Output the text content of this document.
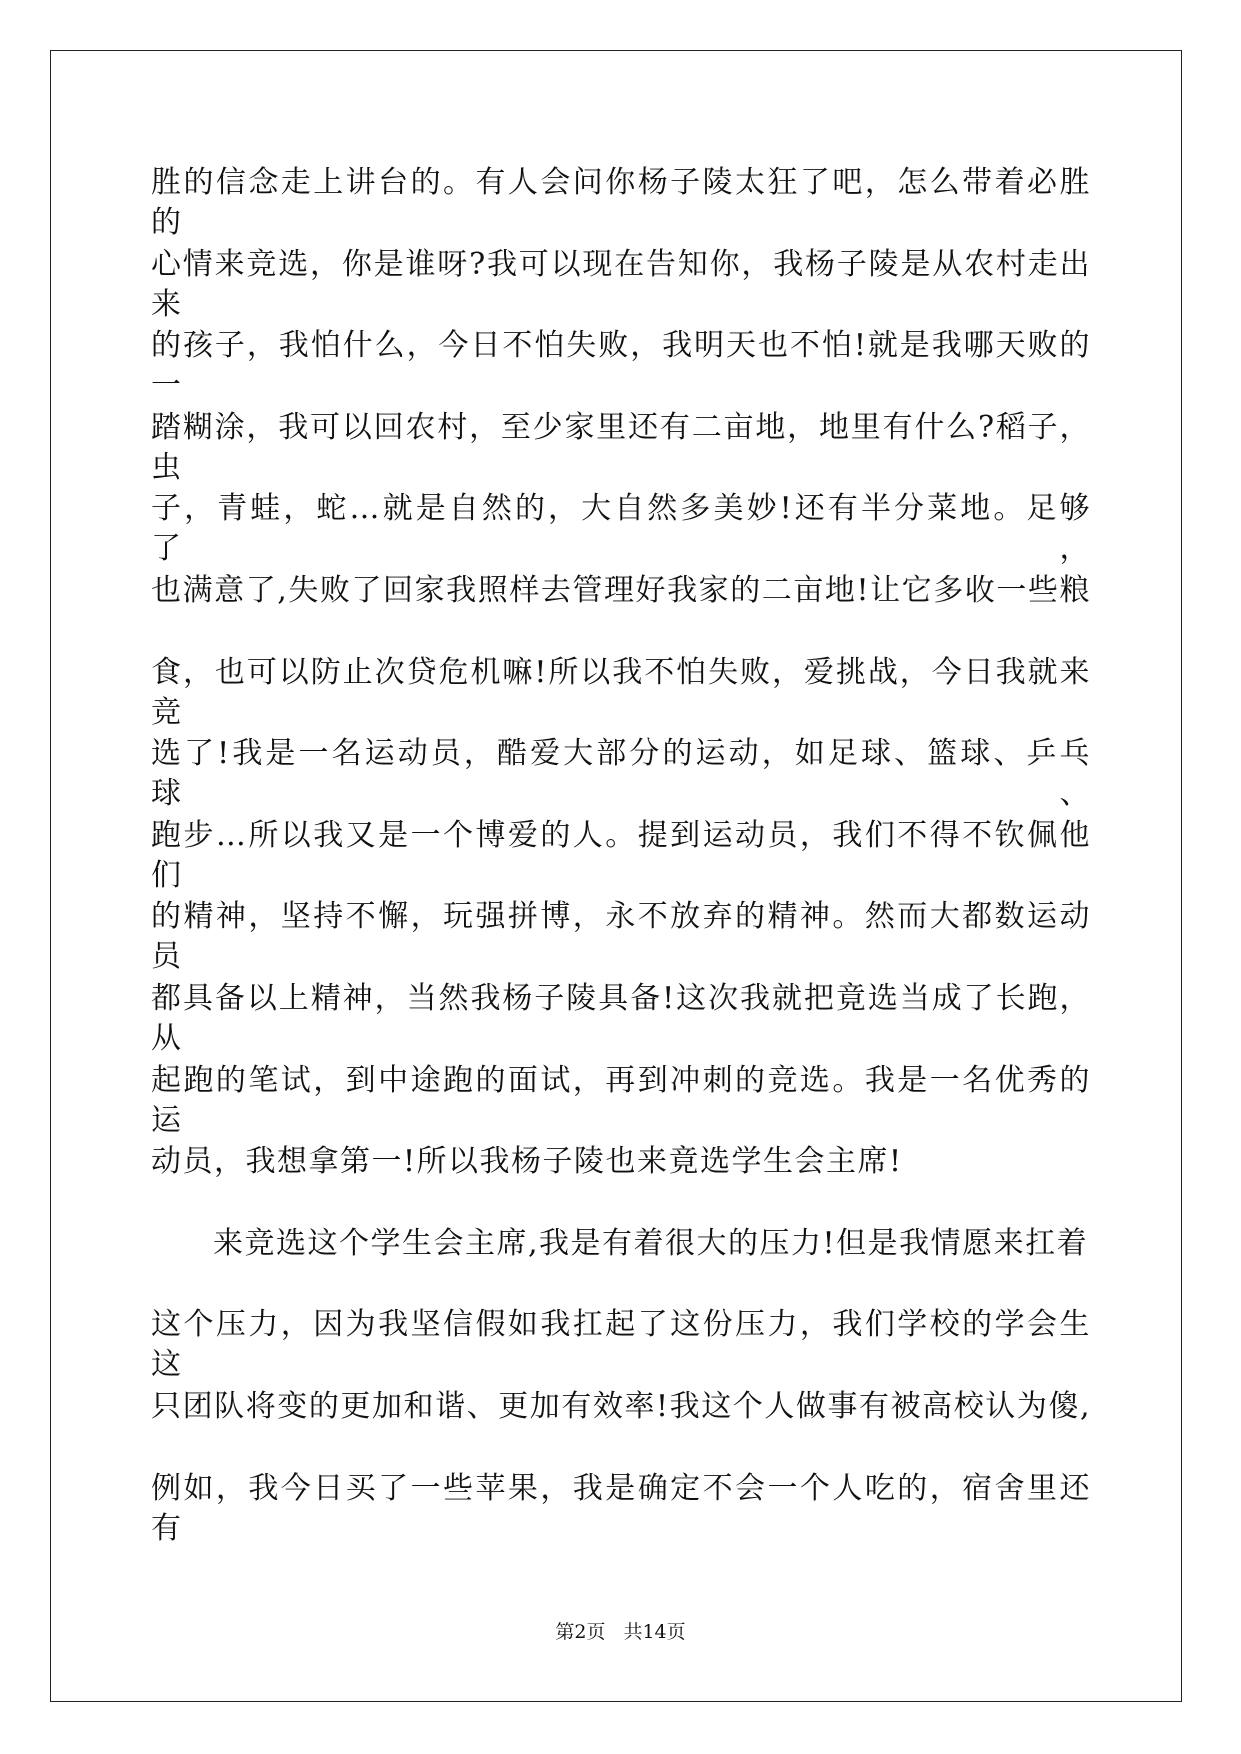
胜的信念走上讲台的。有人会问你杨子陵太狂了吧，怎么带着必胜的
心情来竞选，你是谁呀?我可以现在告知你，我杨子陵是从农村走出来
的孩子，我怕什么，今日不怕失败，我明天也不怕!就是我哪天败的一
踏糊涂，我可以回农村，至少家里还有二亩地，地里有什么?稻子，虫
子，青蛙，蛇…就是自然的，大自然多美妙!还有半分菜地。足够了，
也满意了,失败了回家我照样去管理好我家的二亩地!让它多收一些粮
食，也可以防止次贷危机嘛!所以我不怕失败，爱挑战，今日我就来竞
选了!我是一名运动员，酷爱大部分的运动，如足球、篮球、乒乓球、
跑步…所以我又是一个博爱的人。提到运动员，我们不得不钦佩他们
的精神，坚持不懈，玩强拼博，永不放弃的精神。然而大都数运动员
都具备以上精神，当然我杨子陵具备!这次我就把竟选当成了长跑，从
起跑的笔试，到中途跑的面试，再到冲刺的竞选。我是一名优秀的运
动员，我想拿第一!所以我杨子陵也来竟选学生会主席!
来竞选这个学生会主席,我是有着很大的压力!但是我情愿来扛着
这个压力，因为我坚信假如我扛起了这份压力，我们学校的学会生这
只团队将变的更加和谐、更加有效率!我这个人做事有被高校认为傻,
例如，我今日买了一些苹果，我是确定不会一个人吃的，宿舍里还有
第2页 共14页
